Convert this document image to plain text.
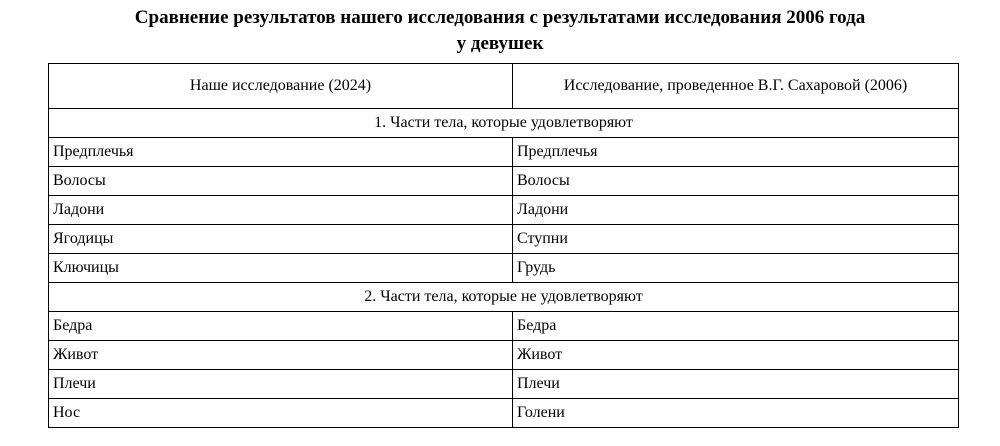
Сравнение результатов нашего исследования с результатами исследования 2006 года
у девушек
Наше исследование (2024)	Исследование, проведенное В.Г. Сахаровой (2006)
1. Части тела, которые удовлетворяют	
Предплечья	Предплечья
Волосы	Волосы
Ладони	Ладони
Ягодицы	Ступни
Ключицы	Грудь
2. Части тела, которые не удовлетворяют	
Бедра	Бедра
Живот	Живот
Плечи	Плечи
Нос	Голени
